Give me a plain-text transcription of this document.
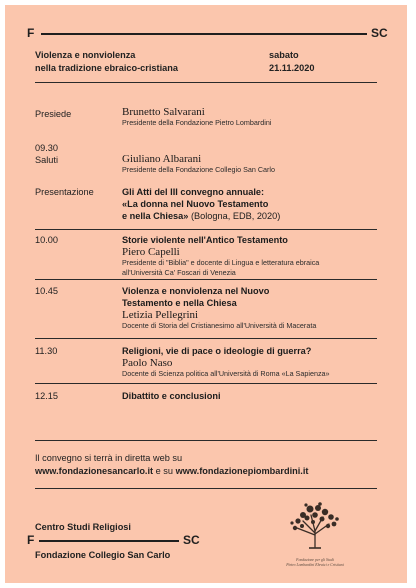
F	SC
Violenza e nonviolenza
nella tradizione ebraico-cristiana
sabato
21.11.2020
Presiede	Brunetto Salvarani
Presidente della Fondazione Pietro Lombardini
09.30
Saluti	Giuliano Albarani
Presidente della Fondazione Collegio San Carlo
Presentazione	Gli Atti del III convegno annuale:
«La donna nel Nuovo Testamento
e nella Chiesa» (Bologna, EDB, 2020)
10.00	Storie violente nell'Antico Testamento
Piero Capelli
Presidente di "Biblia" e docente di Lingua e letteratura ebraica
all'Università Ca' Foscari di Venezia
10.45	Violenza e nonviolenza nel Nuovo
Testamento e nella Chiesa
Letizia Pellegrini
Docente di Storia del Cristianesimo all'Università di Macerata
11.30	Religioni, vie di pace o ideologie di guerra?
Paolo Naso
Docente di Scienza politica all'Università di Roma «La Sapienza»
12.15	Dibattito e conclusioni
Il convegno si terrà in diretta web su
www.fondazionesancarlo.it e su www.fondazionepiombardini.it
Centro Studi Religiosi
F	SC
Fondazione Collegio San Carlo	Fondazione per gli Studi
Pietro Lombardini Ebraici e Cristiani
